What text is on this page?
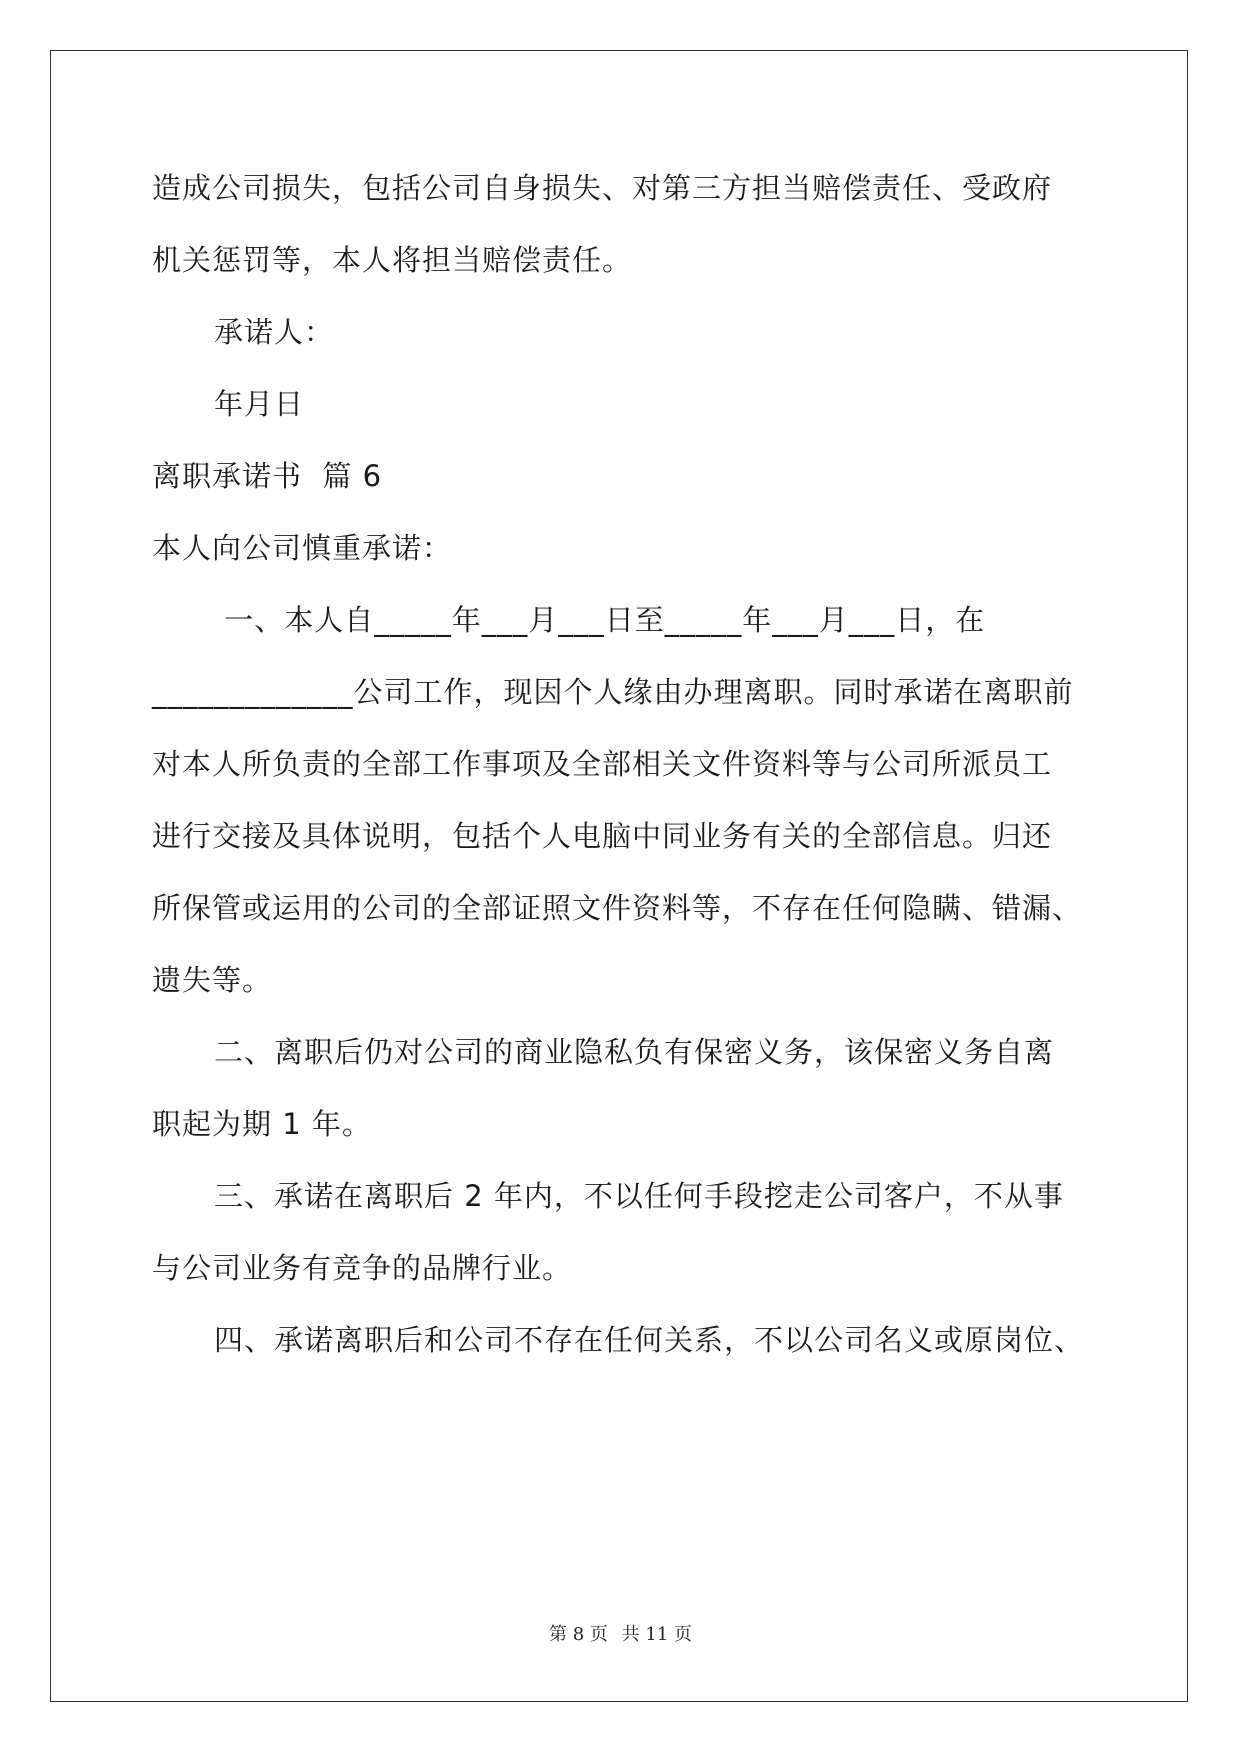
造成公司损失，包括公司自身损失、对第三方担当赔偿责任、受政府
机关惩罚等，本人将担当赔偿责任。
承诺人：
年月日
离职承诺书  篇 6
本人向公司慎重承诺：
一、本人自_____年___月___日至_____年___月___日，在
_____________公司工作，现因个人缘由办理离职。同时承诺在离职前
对本人所负责的全部工作事项及全部相关文件资料等与公司所派员工
进行交接及具体说明，包括个人电脑中同业务有关的全部信息。归还
所保管或运用的公司的全部证照文件资料等，不存在任何隐瞒、错漏、
遗失等。
二、离职后仍对公司的商业隐私负有保密义务，该保密义务自离
职起为期 1 年。
三、承诺在离职后 2 年内，不以任何手段挖走公司客户，不从事
与公司业务有竞争的品牌行业。
四、承诺离职后和公司不存在任何关系，不以公司名义或原岗位、
第 8 页 共 11 页
